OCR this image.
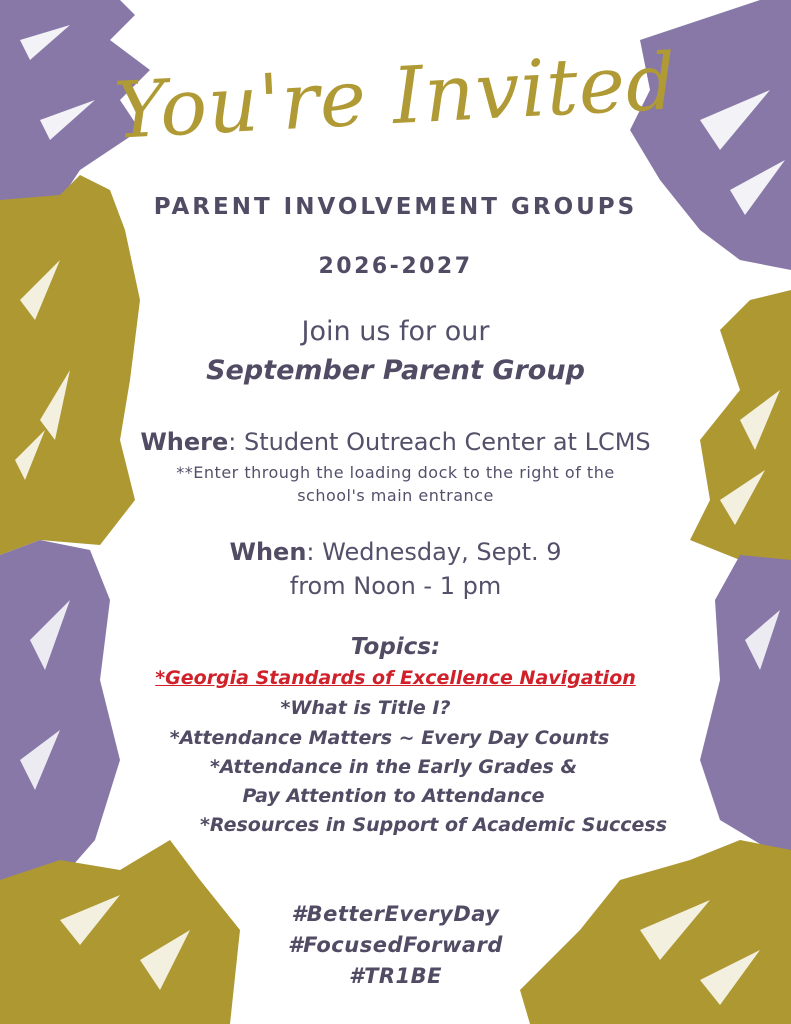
You're Invited
PARENT INVOLVEMENT GROUPS
2026-2027
Join us for our
September Parent Group
Where: Student Outreach Center at LCMS
**Enter through the loading dock to the right of the
school's main entrance
When: Wednesday, Sept. 9
from Noon - 1 pm
Topics:
*Georgia Standards of Excellence Navigation
*What is Title I?
*Attendance Matters ~ Every Day Counts
*Attendance in the Early Grades &
Pay Attention to Attendance
*Resources in Support of Academic Success
#BetterEveryDay
#FocusedForward
#TR1BE
